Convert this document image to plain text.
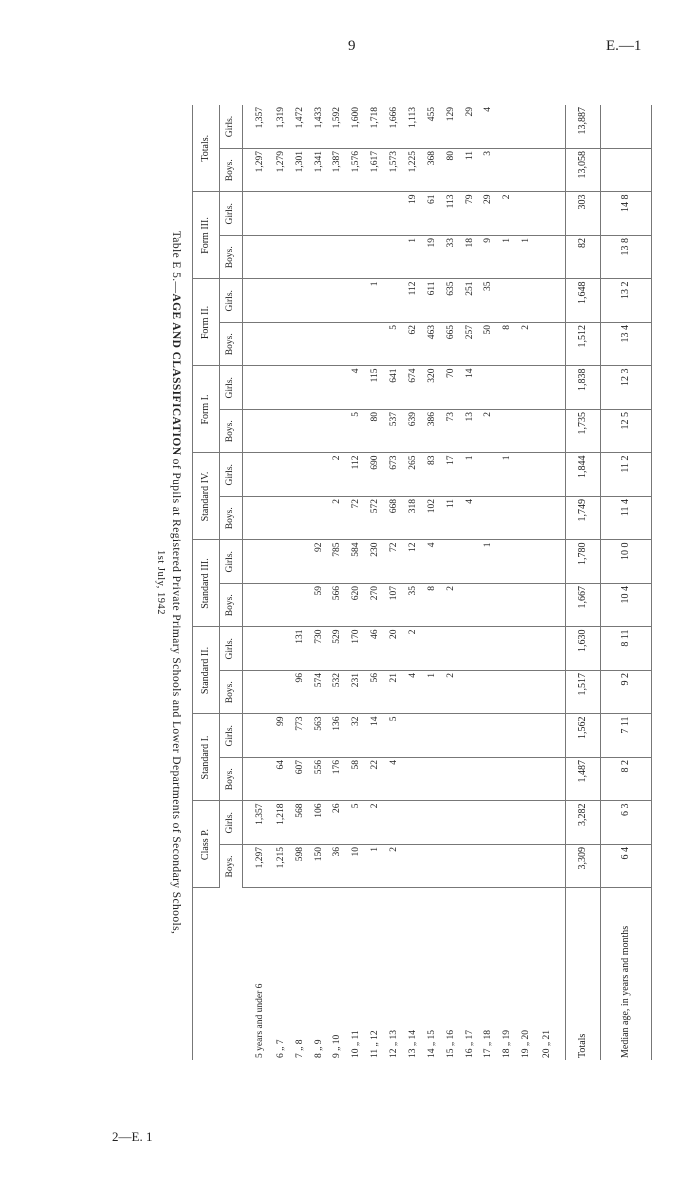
9	E.—1
2—E. 1
	Class P.		Standard I.		Standard II.		Standard III.		Standard IV.		Form I.		Form II.		Form III.		Totals.	
	Boys.	Girls.	Boys.	Girls.	Boys.	Girls.	Boys.	Girls.	Boys.	Girls.	Boys.	Girls.	Boys.	Girls.	Boys.	Girls.	Boys.	Girls.
5 years and under 6	1,297	1,357															1,297	1,357
6 „ 7	1,215	1,218	64	99													1,279	1,319
7 „ 8	598	568	607	773	96	131											1,301	1,472
8 „ 9	150	106	556	563	574	730	59	92									1,341	1,433
9 „ 10	36	26	176	136	532	529	566	785	2	2							1,387	1,592
10 „ 11	10	5	58	32	231	170	620	584	72	112	5	4					1,576	1,600
11 „ 12	1	2	22	14	56	46	270	230	572	690	80	115		1			1,617	1,718
12 „ 13	2		4	5	21	20	107	72	668	673	537	641	5				1,573	1,666
13 „ 14					4	2	35	12	318	265	639	674	62	112	1	19	1,225	1,113
14 „ 15					1		8	4	102	83	386	320	463	611	19	61	368	455
15 „ 16					2		2		11	17	73	70	665	635	33	113	80	129
16 „ 17									4	1	13	14	257	251	18	79	11	29
17 „ 18								1			2		50	35	9	29	3	4
18 „ 19										1			8		1	2		
19 „ 20													2		1			
20 „ 21																		
Totals	3,309	3,282	1,487	1,562	1,517	1,630	1,667	1,780	1,749	1,844	1,735	1,838	1,512	1,648	82	303	13,058	13,887
Median age, in years and months	6 4	6 3	8 2	7 11	9 2	8 11	10 4	10 0	11 4	11 2	12 5	12 3	13 4	13 2	13 8	14 8		
Table E 5.—AGE AND CLASSIFICATION of Pupils at Registered Private Primary Schools and Lower Departments of Secondary Schools,
1st July, 1942
